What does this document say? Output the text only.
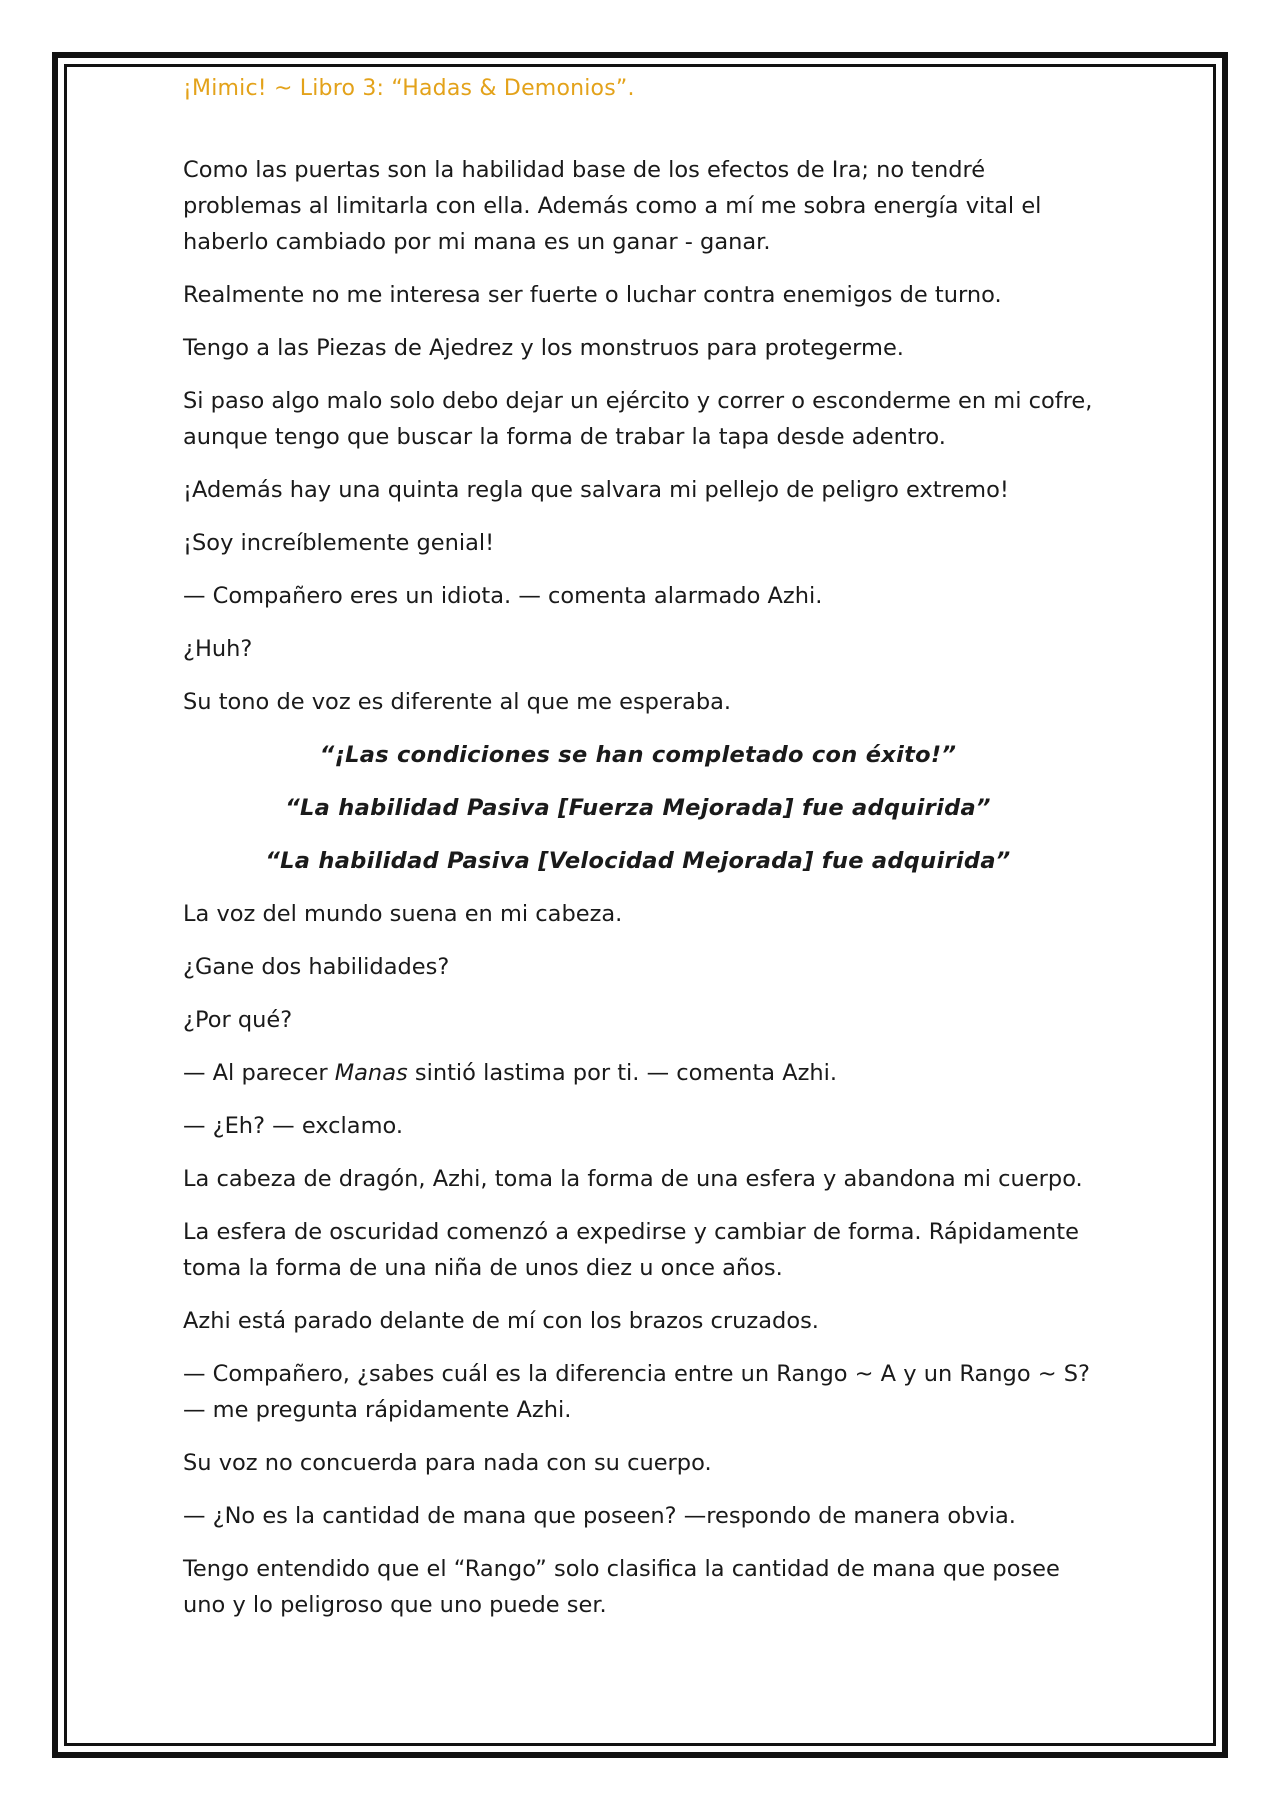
¡Mimic! ~ Libro 3: “Hadas & Demonios”.

Como las puertas son la habilidad base de los efectos de Ira; no tendré problemas al limitarla con ella. Además como a mí me sobra energía vital el haberlo cambiado por mi mana es un ganar - ganar.

Realmente no me interesa ser fuerte o luchar contra enemigos de turno.

Tengo a las Piezas de Ajedrez y los monstruos para protegerme.

Si paso algo malo solo debo dejar un ejército y correr o esconderme en mi cofre, aunque tengo que buscar la forma de trabar la tapa desde adentro.

¡Además hay una quinta regla que salvara mi pellejo de peligro extremo!

¡Soy increíblemente genial!

— Compañero eres un idiota. — comenta alarmado Azhi.

¿Huh?

Su tono de voz es diferente al que me esperaba.

“¡Las condiciones se han completado con éxito!”

“La habilidad Pasiva [Fuerza Mejorada] fue adquirida”

“La habilidad Pasiva [Velocidad Mejorada] fue adquirida”

La voz del mundo suena en mi cabeza.

¿Gane dos habilidades?

¿Por qué?

— Al parecer Manas sintió lastima por ti. — comenta Azhi.

— ¿Eh? — exclamo.

La cabeza de dragón, Azhi, toma la forma de una esfera y abandona mi cuerpo.

La esfera de oscuridad comenzó a expedirse y cambiar de forma. Rápidamente toma la forma de una niña de unos diez u once años.

Azhi está parado delante de mí con los brazos cruzados.

— Compañero, ¿sabes cuál es la diferencia entre un Rango ~ A y un Rango ~ S? — me pregunta rápidamente Azhi.

Su voz no concuerda para nada con su cuerpo.

— ¿No es la cantidad de mana que poseen? —respondo de manera obvia.

Tengo entendido que el “Rango” solo clasifica la cantidad de mana que posee uno y lo peligroso que uno puede ser.
